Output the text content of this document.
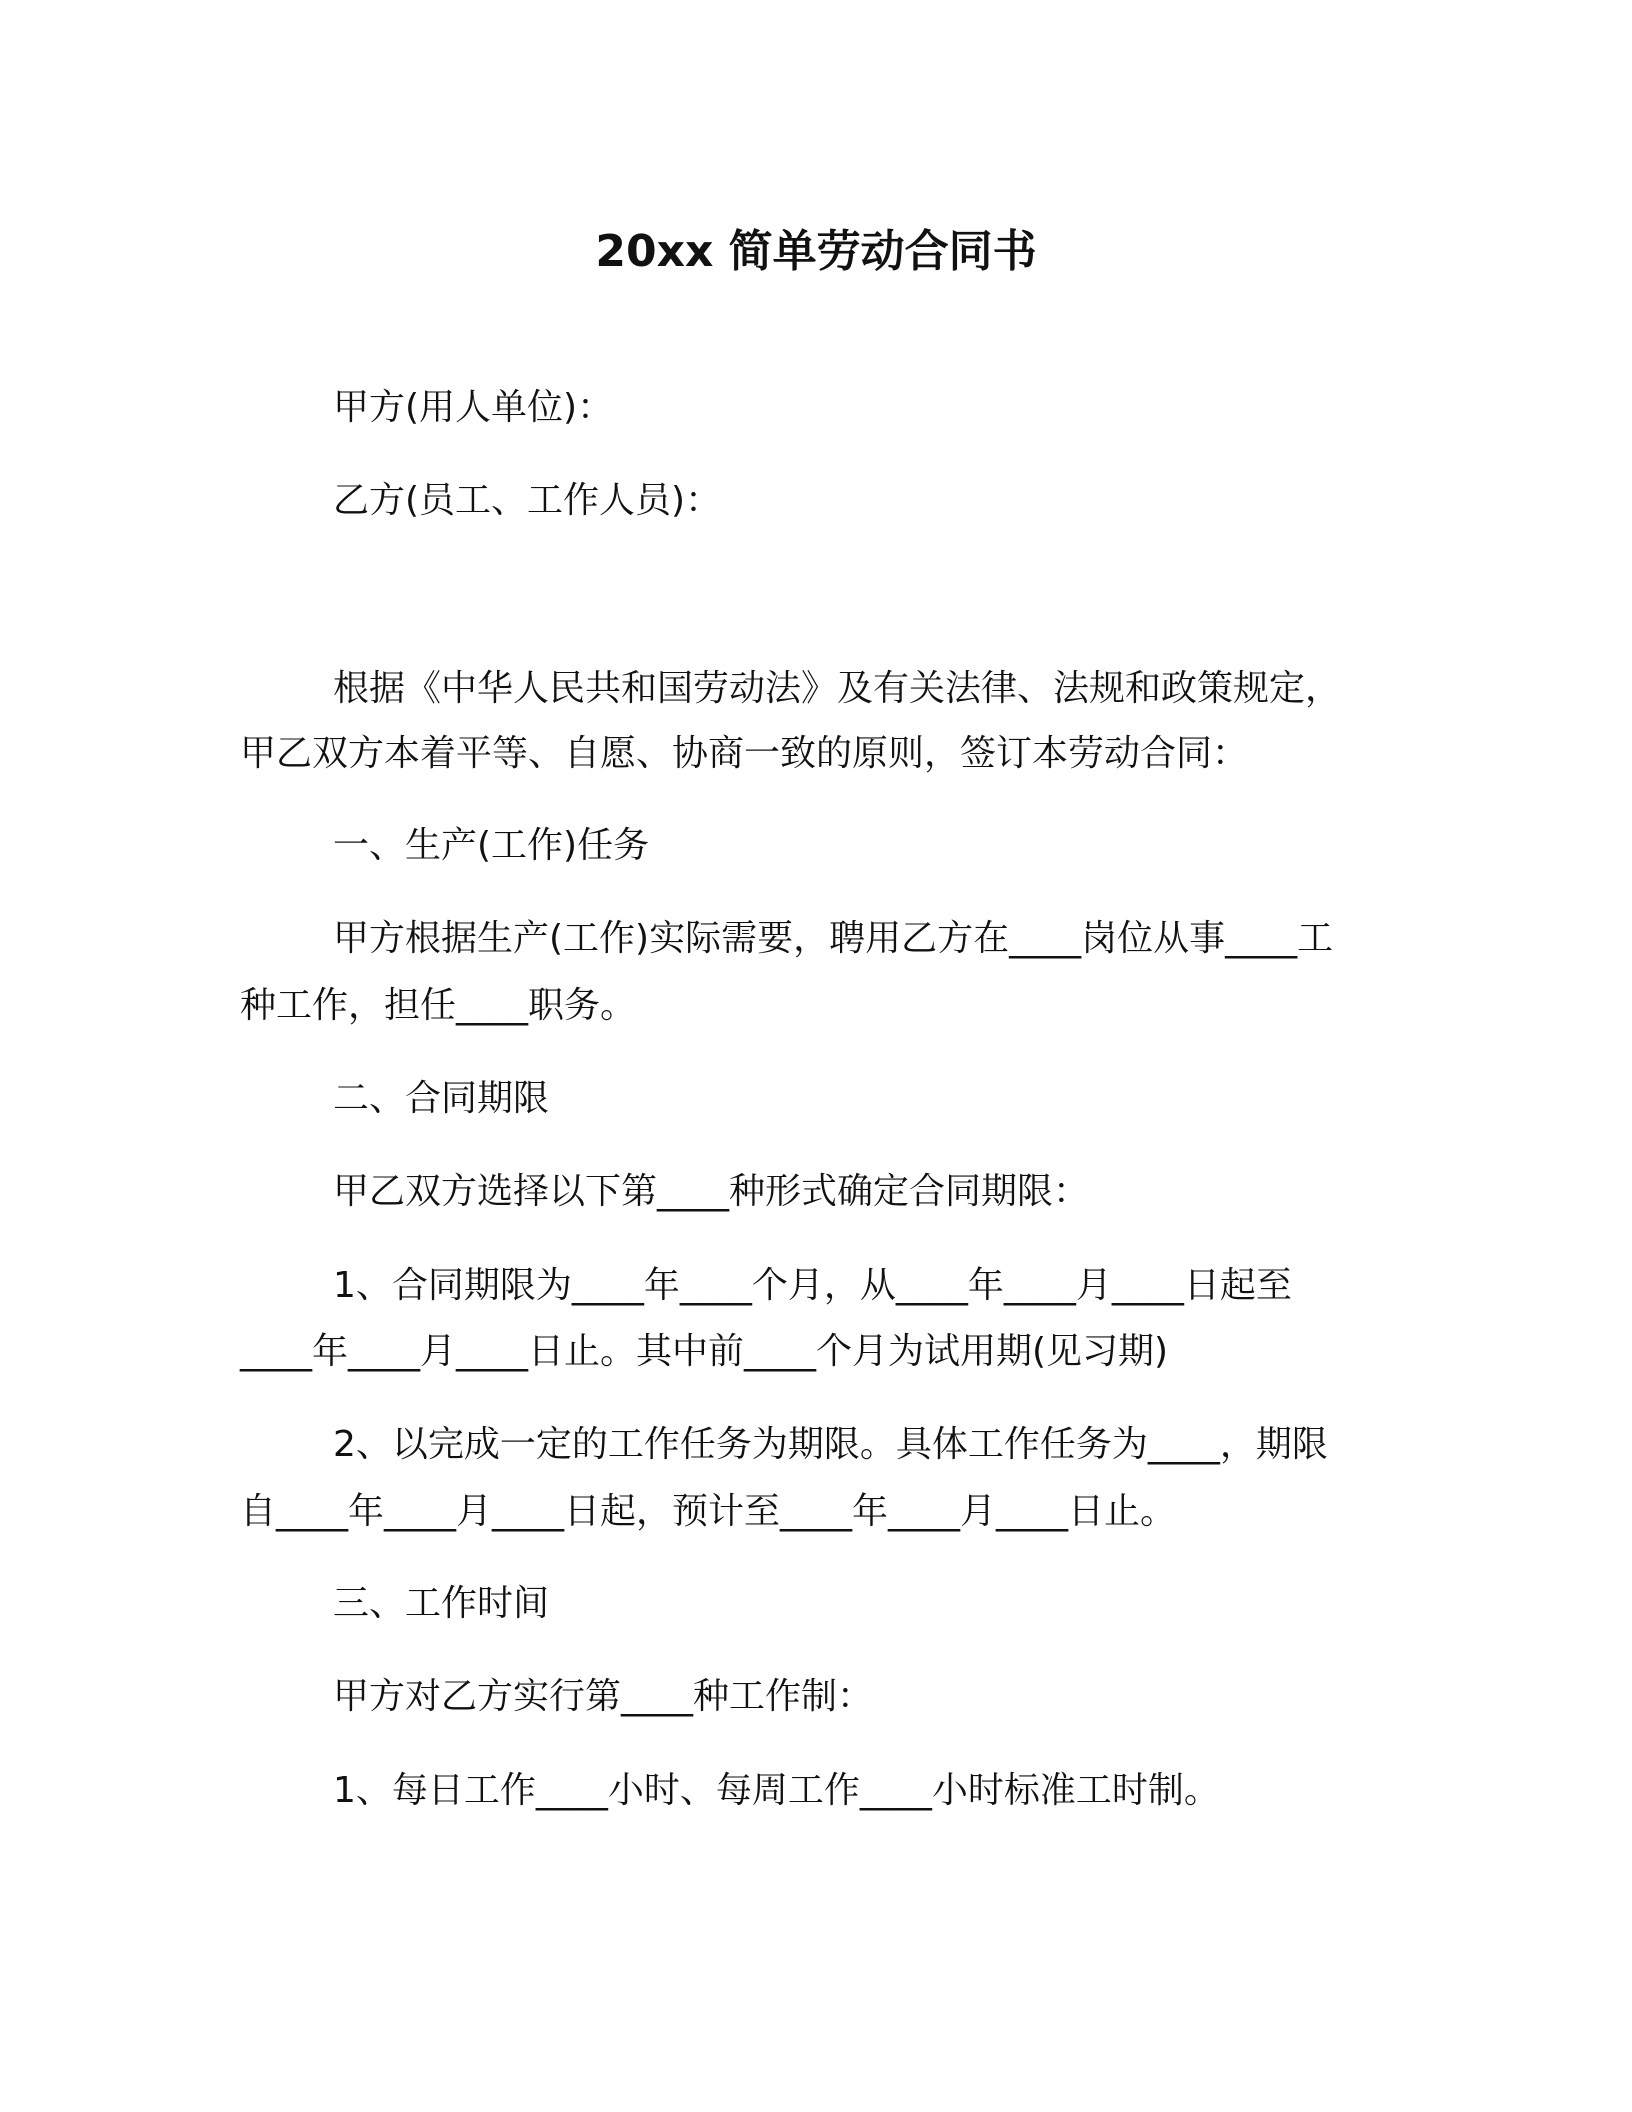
20xx 简单劳动合同书

甲方(用人单位)：

乙方(员工、工作人员)：

根据《中华人民共和国劳动法》及有关法律、法规和政策规定，

甲乙双方本着平等、自愿、协商一致的原则，签订本劳动合同：

一、生产(工作)任务

甲方根据生产(工作)实际需要，聘用乙方在____岗位从事____工

种工作，担任____职务。

二、合同期限

甲乙双方选择以下第____种形式确定合同期限：

1、合同期限为____年____个月，从____年____月____日起至

____年____月____日止。其中前____个月为试用期(见习期)

2、以完成一定的工作任务为期限。具体工作任务为____，期限

自____年____月____日起，预计至____年____月____日止。

三、工作时间

甲方对乙方实行第____种工作制：

1、每日工作____小时、每周工作____小时标准工时制。
